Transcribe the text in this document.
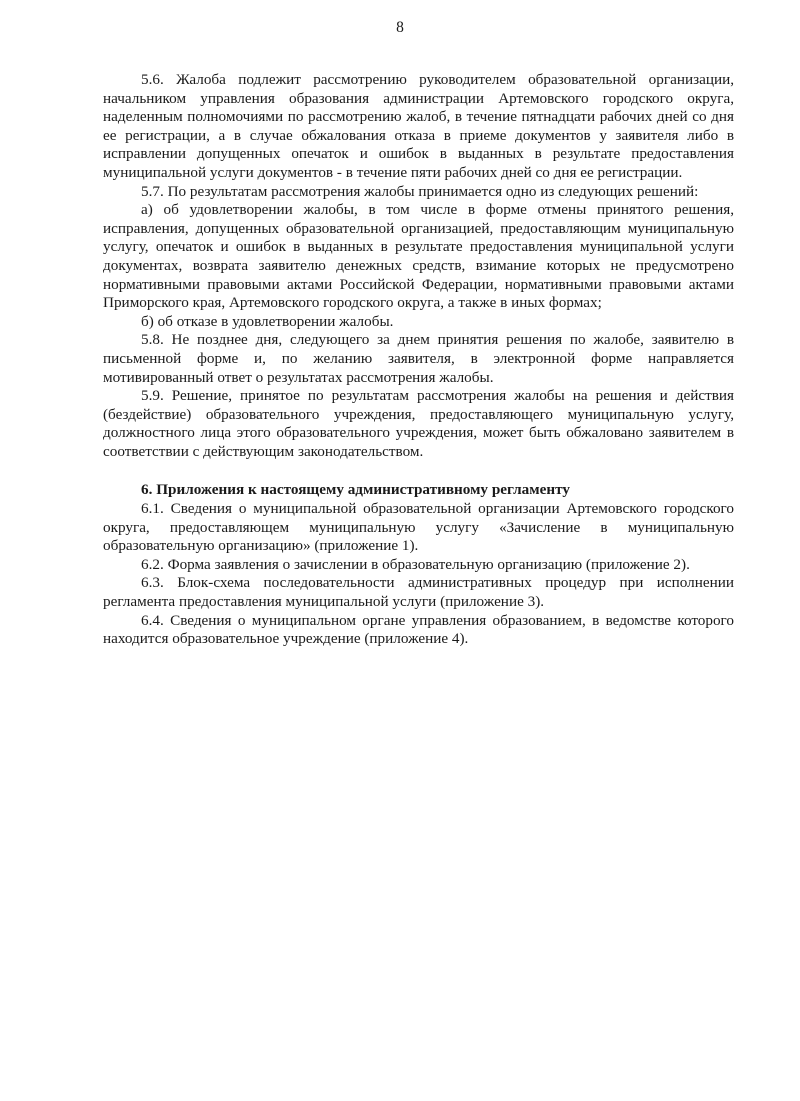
8

5.6. Жалоба подлежит рассмотрению руководителем образовательной организации, начальником управления образования администрации Артемовского городского округа, наделенным полномочиями по рассмотрению жалоб, в течение пятнадцати рабочих дней со дня ее регистрации, а в случае обжалования отказа в приеме документов у заявителя либо в исправлении допущенных опечаток и ошибок в выданных в результате предоставления муниципальной услуги документов - в течение пяти рабочих дней со дня ее регистрации.

5.7. По результатам рассмотрения жалобы принимается одно из следующих решений:

а) об удовлетворении жалобы, в том числе в форме отмены принятого решения, исправления, допущенных образовательной организацией, предоставляющим муниципальную услугу, опечаток и ошибок в выданных в результате предоставления муниципальной услуги документах, возврата заявителю денежных средств, взимание которых не предусмотрено нормативными правовыми актами Российской Федерации, нормативными правовыми актами Приморского края, Артемовского городского округа, а также в иных формах;

б) об отказе в удовлетворении жалобы.

5.8. Не позднее дня, следующего за днем принятия решения по жалобе, заявителю в письменной форме и, по желанию заявителя, в электронной форме направляется мотивированный ответ о результатах рассмотрения жалобы.

5.9. Решение, принятое по результатам рассмотрения жалобы на решения и действия (бездействие) образовательного учреждения, предоставляющего муниципальную услугу, должностного лица этого образовательного учреждения, может быть обжаловано заявителем в соответствии с действующим законодательством.

6. Приложения к настоящему административному регламенту

6.1. Сведения о муниципальной образовательной организации Артемовского городского округа, предоставляющем муниципальную услугу «Зачисление в муниципальную образовательную организацию» (приложение 1).

6.2. Форма заявления о зачислении в образовательную организацию (приложение 2).

6.3. Блок-схема последовательности административных процедур при исполнении регламента предоставления муниципальной услуги (приложение 3).

6.4. Сведения о муниципальном органе управления образованием, в ведомстве которого находится образовательное учреждение (приложение 4).
